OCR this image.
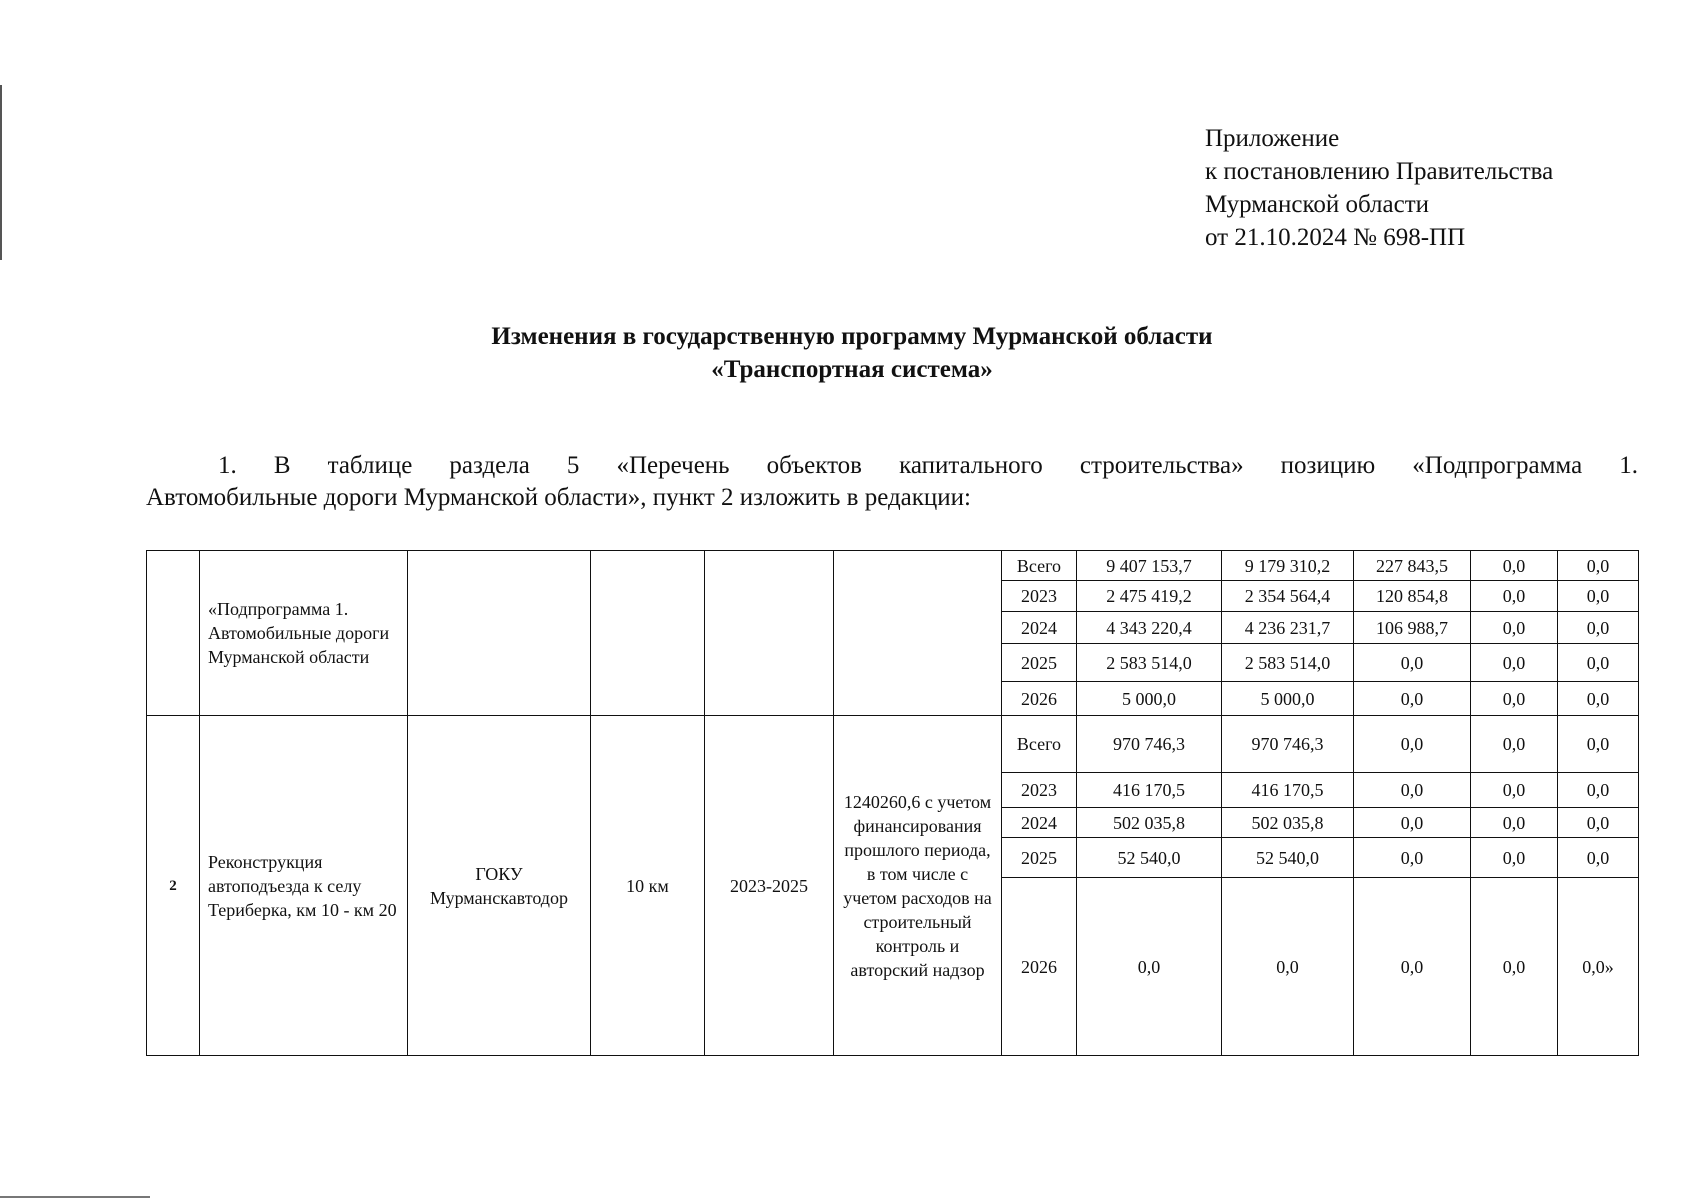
Приложение
к постановлению Правительства
Мурманской области
от 21.10.2024 № 698-ПП
Изменения в государственную программу Мурманской области
«Транспортная система»
1. В таблице раздела 5 «Перечень объектов капитального строительства» позицию «Подпрограмма 1.
Автомобильные дороги Мурманской области», пункт 2 изложить в редакции:
	«Подпрограмма 1. Автомобильные дороги Мурманской области					Всего	9 407 153,7	9 179 310,2	227 843,5	0,0	0,0
						2023	2 475 419,2	2 354 564,4	120 854,8	0,0	0,0
						2024	4 343 220,4	4 236 231,7	106 988,7	0,0	0,0
						2025	2 583 514,0	2 583 514,0	0,0	0,0	0,0
						2026	5 000,0	5 000,0	0,0	0,0	0,0
2	Реконструкция автоподъезда к селу Териберка, км 10 - км 20	ГОКУ Мурманскавтодор	10 км	2023-2025	1240260,6 с учетом финансирования прошлого периода, в том числе с учетом расходов на строительный контроль и авторский надзор	Всего	970 746,3	970 746,3	0,0	0,0	0,0
						2023	416 170,5	416 170,5	0,0	0,0	0,0
						2024	502 035,8	502 035,8	0,0	0,0	0,0
						2025	52 540,0	52 540,0	0,0	0,0	0,0
						2026	0,0	0,0	0,0	0,0	0,0»
